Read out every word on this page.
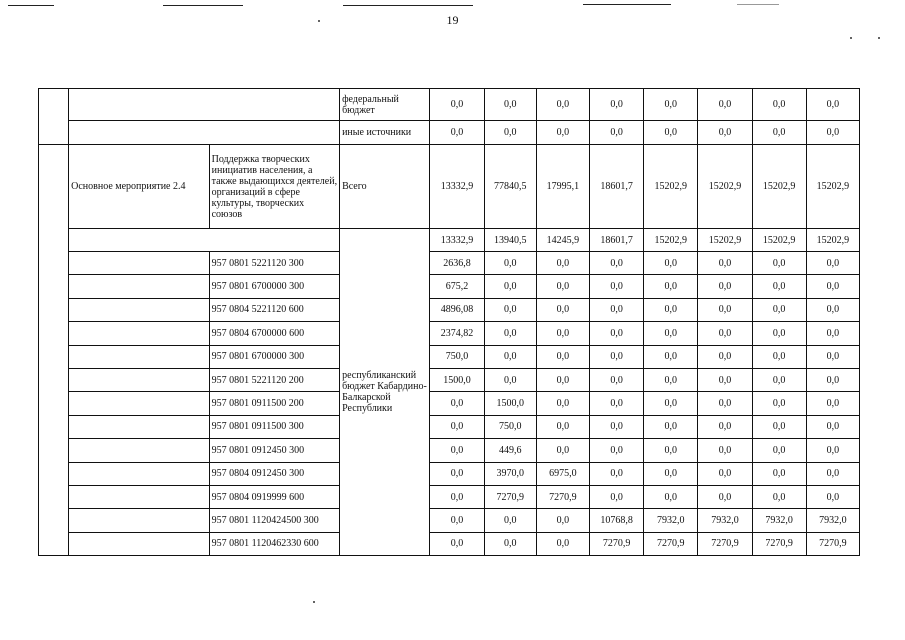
19
			федеральный бюджет	0,0	0,0	0,0	0,0	0,0	0,0	0,0	0,0
			иные источники	0,0	0,0	0,0	0,0	0,0	0,0	0,0	0,0
	Основное мероприятие 2.4	Поддержка творческих инициатив населения, а также выдающихся деятелей, организаций в сфере культуры, творческих союзов	Всего	13332,9	77840,5	17995,1	18601,7	15202,9	15202,9	15202,9	15202,9
			республиканский бюджет Кабардино-Балкарской Республики	13332,9	13940,5	14245,9	18601,7	15202,9	15202,9	15202,9	15202,9
		957 0801 5221120 300		2636,8	0,0	0,0	0,0	0,0	0,0	0,0	0,0
		957 0801 6700000 300		675,2	0,0	0,0	0,0	0,0	0,0	0,0	0,0
		957 0804 5221120 600		4896,08	0,0	0,0	0,0	0,0	0,0	0,0	0,0
		957 0804 6700000 600		2374,82	0,0	0,0	0,0	0,0	0,0	0,0	0,0
		957 0801 6700000 300		750,0	0,0	0,0	0,0	0,0	0,0	0,0	0,0
		957 0801 5221120 200		1500,0	0,0	0,0	0,0	0,0	0,0	0,0	0,0
		957 0801 0911500 200		0,0	1500,0	0,0	0,0	0,0	0,0	0,0	0,0
		957 0801 0911500 300		0,0	750,0	0,0	0,0	0,0	0,0	0,0	0,0
		957 0801 0912450 300		0,0	449,6	0,0	0,0	0,0	0,0	0,0	0,0
		957 0804 0912450 300		0,0	3970,0	6975,0	0,0	0,0	0,0	0,0	0,0
		957 0804 0919999 600		0,0	7270,9	7270,9	0,0	0,0	0,0	0,0	0,0
		957 0801 1120424500 300		0,0	0,0	0,0	10768,8	7932,0	7932,0	7932,0	7932,0
		957 0801 1120462330 600		0,0	0,0	0,0	7270,9	7270,9	7270,9	7270,9	7270,9
